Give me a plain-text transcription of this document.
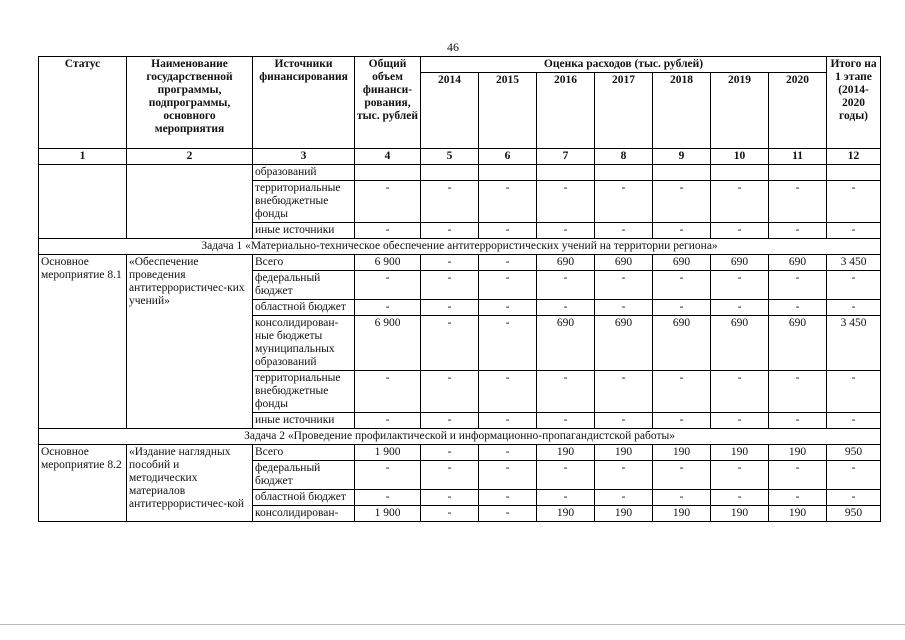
46
Статус	Наименование государственной программы, подпрограммы, основного мероприятия	Источники финансирования	Общий объем финанси-рования, тыс. рублей	Оценка расходов (тыс. рублей)							Итого на 1 этапе (2014-2020 годы)
				2014	2015	2016	2017	2018	2019	2020	
1	2	3	4	5	6	7	8	9	10	11	12
		образований									
		территориальные внебюджетные фонды	-	-	-	-	-	-	-	-	-
		иные источники	-	-	-	-	-	-	-	-	-
Задача 1 «Материально-техническое обеспечение антитеррористических учений на территории региона»											
Основное мероприятие 8.1	«Обеспечение проведения антитеррористичес-ких учений»	Всего	6 900	-	-	690	690	690	690	690	3 450
		федеральный бюджет	-	-	-	-	-	-	-	-	-
		областной бюджет	-	-	-	-	-	-	-	-	-
		консолидирован-ные бюджеты муниципальных образований	6 900	-	-	690	690	690	690	690	3 450
		территориальные внебюджетные фонды	-	-	-	-	-	-	-	-	-
		иные источники	-	-	-	-	-	-	-	-	-
Задача 2 «Проведение профилактической и информационно-пропагандистской работы»											
Основное мероприятие 8.2	«Издание наглядных пособий и методических материалов антитеррористичес-кой	Всего	1 900	-	-	190	190	190	190	190	950
		федеральный бюджет	-	-	-	-	-	-	-	-	-
		областной бюджет	-	-	-	-	-	-	-	-	-
		консолидирован-	1 900	-	-	190	190	190	190	190	950
